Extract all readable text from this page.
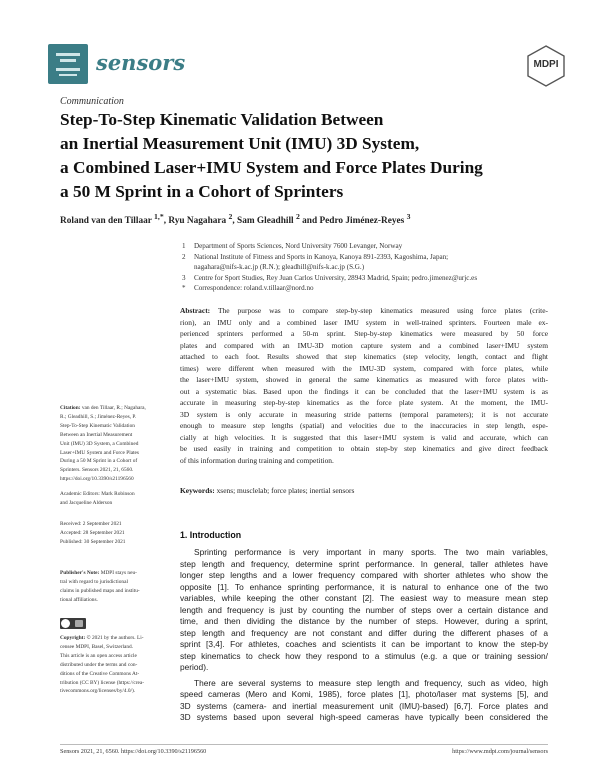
sensors	MDPI
Communication
Step-To-Step Kinematic Validation Between
an Inertial Measurement Unit (IMU) 3D System,
a Combined Laser+IMU System and Force Plates During
a 50 M Sprint in a Cohort of Sprinters
Roland van den Tillaar $^{1,*}$, Ryu Nagahara $^2$, Sam Gleadhill $^2$ and Pedro Jiménez-Reyes $^3$
1	Department of Sports Sciences, Nord University 7600 Levanger, Norway
2	National Institute of Fitness and Sports in Kanoya, Kanoya 891-2393, Kagoshima, Japan;
nagahara@nifs-k.ac.jp (R.N.); gleadhill@nifs-k.ac.jp (S.G.)
3	Centre for Sport Studies, Rey Juan Carlos University, 28943 Madrid, Spain; pedro.jimenez@urjc.es
*	Correspondence: roland.v.tillaar@nord.no
Abstract: The purpose was to compare step-by-step kinematics measured using force plates (crite-
rion), an IMU only and a combined laser IMU system in well-trained sprinters. Fourteen male ex-
perienced sprinters performed a 50-m sprint. Step-by-step kinematics were measured by 50 force
plates and compared with an IMU-3D motion capture system and a combined laser+IMU system
attached to each foot. Results showed that step kinematics (step velocity, length, contact and flight
times) were different when measured with the IMU-3D system, compared with force plates, while
the laser+IMU system, showed in general the same kinematics as measured with force plates with-
out a systematic bias. Based upon the findings it can be concluded that the laser+IMU system is as
accurate in measuring step-by-step kinematics as the force plate system. At the moment, the IMU-
3D system is only accurate in measuring stride patterns (temporal parameters); it is not accurate
enough to measure step lengths (spatial) and velocities due to the inaccuracies in step length, espe-
cially at high velocities. It is suggested that this laser+IMU system is valid and accurate, which can
be used easily in training and competition to obtain step-by step kinematics and give direct feedback
of this information during training and competition.
Keywords: xsens; musclelab; force plates; inertial sensors
Citation: van den Tillaar, R.; Nagahara,
R.; Gleadhill, S.; Jiménez-Reyes, P.
Step-To-Step Kinematic Validation
Between an Inertial Measurement
Unit (IMU) 3D System, a Combined
Laser+IMU System and Force Plates
During a 50 M Sprint in a Cohort of
Sprinters. Sensors 2021, 21, 6560.
https://doi.org/10.3390/s21196560
Academic Editors: Mark Robinson
and Jacqueline Alderson
Received: 2 September 2021
Accepted: 28 September 2021
Published: 30 September 2021
Publisher's Note: MDPI stays neu-
tral with regard to jurisdictional
claims in published maps and institu-
tional affiliations.
Copyright: © 2021 by the authors. Li-
censee MDPI, Basel, Switzerland.
This article is an open access article
distributed under the terms and con-
ditions of the Creative Commons At-
tribution (CC BY) license (https://crea-
tivecommons.org/licenses/by/4.0/).
1. Introduction
Sprinting performance is very important in many sports. The two main variables,
step length and frequency, determine sprint performance. In general, taller athletes have
longer step lengths and a lower frequency compared with shorter athletes who show the
opposite [1]. To enhance sprinting performance, it is natural to enhance one of the two
variables, while keeping the other constant [2]. The easiest way to measure mean step
length and frequency is just by counting the number of steps over a certain distance and
time, and then dividing the distance by the number of steps. However, during a sprint,
step length and frequency are not constant and differ during the different phases of a
sprint [3,4]. For athletes, coaches and scientists it can be important to know the step-by
step kinematics to check how they respond to a stimulus (e.g. a que or training session/
period).
There are several systems to measure step length and frequency, such as video, high
speed cameras (Mero and Komi, 1985), force plates [1], photo/laser mat systems [5], and
3D systems (camera- and inertial measurement unit (IMU)-based) [6,7]. Force plates and
3D systems based upon several high-speed cameras have typically been considered the
Sensors 2021, 21, 6560. https://doi.org/10.3390/s21196560	https://www.mdpi.com/journal/sensors
